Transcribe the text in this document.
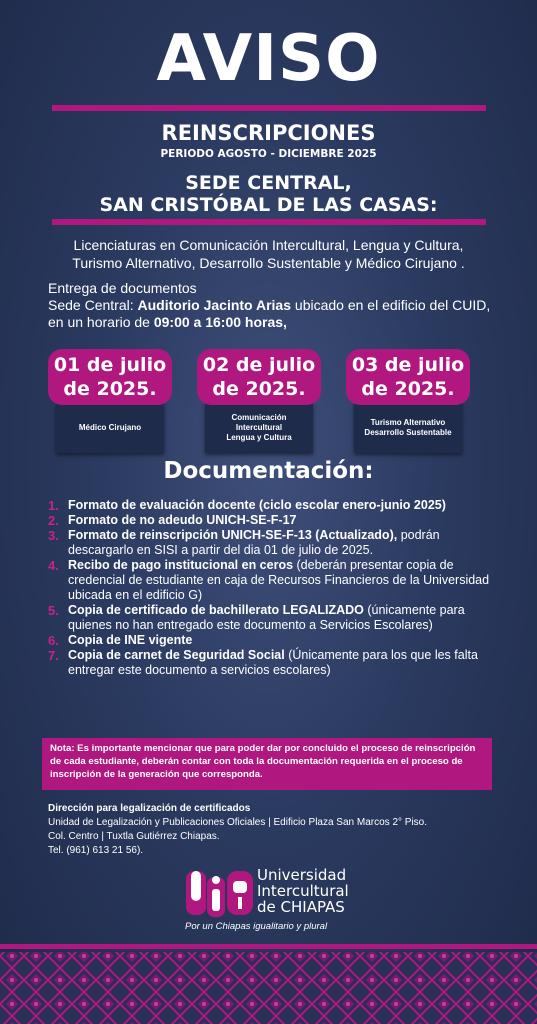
AVISO
REINSCRIPCIONES
PERIODO AGOSTO - DICIEMBRE 2025
SEDE CENTRAL,
SAN CRISTÓBAL DE LAS CASAS:
Licenciaturas en Comunicación Intercultural, Lengua y Cultura,
Turismo Alternativo, Desarrollo Sustentable y Médico Cirujano .
Entrega de documentos
Sede Central: Auditorio Jacinto Arias ubicado en el edificio del CUID, en un horario de 09:00 a 16:00 horas,
01 de julio
de 2025.
Médico Cirujano
02 de julio
de 2025.
Comunicación Intercultural
Lengua y Cultura
03 de julio
de 2025.
Turismo Alternativo
Desarrollo Sustentable
Documentación:
1. Formato de evaluación docente (ciclo escolar enero-junio 2025)
2. Formato de no adeudo UNICH-SE-F-17
3. Formato de reinscripción UNICH-SE-F-13 (Actualizado), podrán descargarlo en SISI a partir del dia 01 de julio de 2025.
4. Recibo de pago institucional en ceros (deberán presentar copia de credencial de estudiante en caja de Recursos Financieros de la Universidad ubicada en el edificio G)
5. Copia de certificado de bachillerato LEGALIZADO (únicamente para quienes no han entregado este documento a Servicios Escolares)
6. Copia de INE vigente
7. Copia de carnet de Seguridad Social (Únicamente para los que les falta entregar este documento a servicios escolares)
Nota: Es importante mencionar que para poder dar por concluido el proceso de reinscripción de cada estudiante, deberán contar con toda la documentación requerida en el proceso de inscripción de la generación que corresponda.
Dirección para legalización de certificados
Unidad de Legalización y Publicaciones Oficiales | Edificio Plaza San Marcos 2° Piso.
Col. Centro | Tuxtla Gutiérrez Chiapas.
Tel. (961) 613 21 56).
Universidad
Intercultural
de CHIAPAS
Por un Chiapas igualitario y plural
